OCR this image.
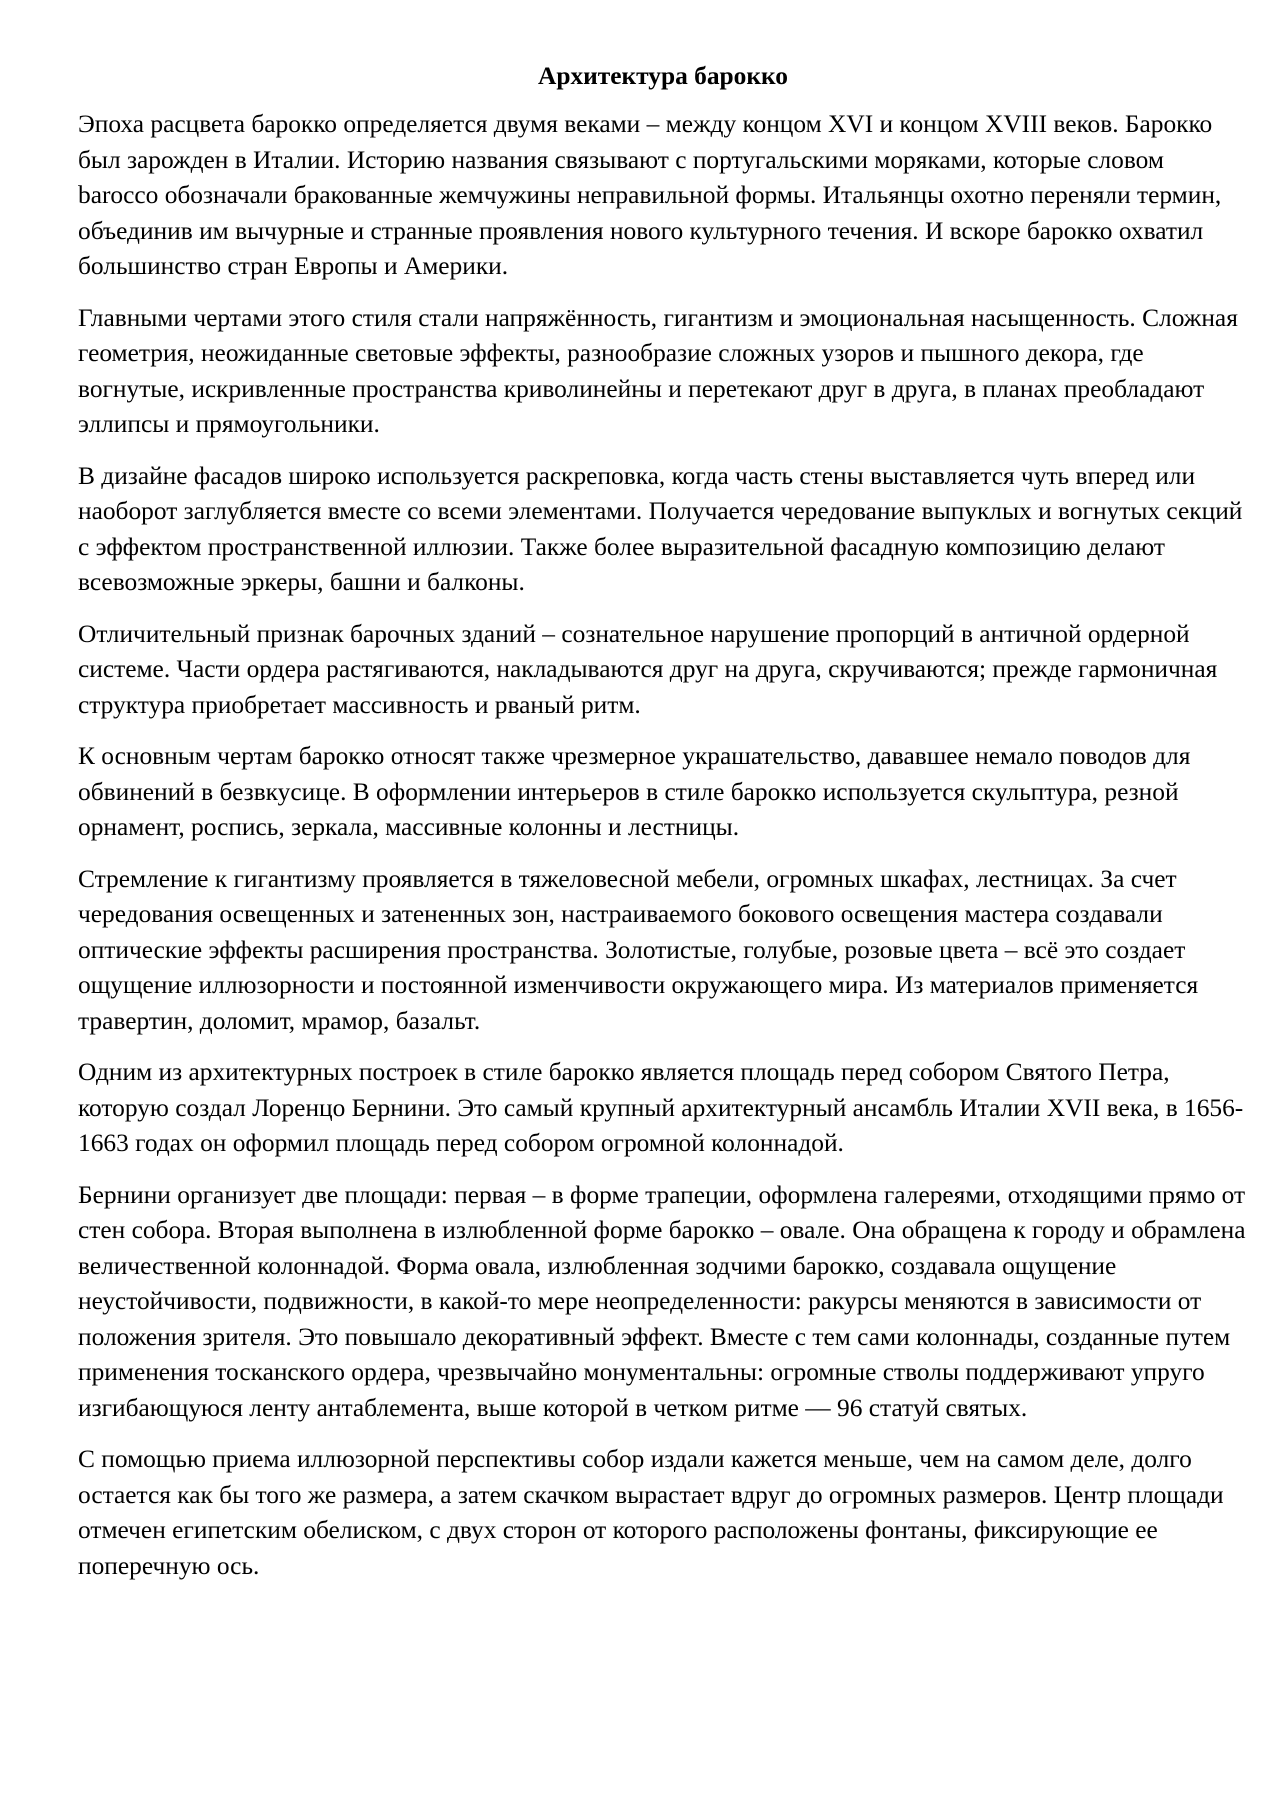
Архитектура барокко

Эпоха расцвета барокко определяется двумя веками – между концом XVI и концом XVIII веков. Барокко был зарожден в Италии. Историю названия связывают с португальскими моряками, которые словом barocco обозначали бракованные жемчужины неправильной формы. Итальянцы охотно переняли термин, объединив им вычурные и странные проявления нового культурного течения. И вскоре барокко охватил большинство стран Европы и Америки.

Главными чертами этого стиля стали напряжённость, гигантизм и эмоциональная насыщенность. Сложная геометрия, неожиданные световые эффекты, разнообразие сложных узоров и пышного декора, где вогнутые, искривленные пространства криволинейны и перетекают друг в друга, в планах преобладают эллипсы и прямоугольники.

В дизайне фасадов широко используется раскреповка, когда часть стены выставляется чуть вперед или наоборот заглубляется вместе со всеми элементами. Получается чередование выпуклых и вогнутых секций с эффектом пространственной иллюзии. Также более выразительной фасадную композицию делают всевозможные эркеры, башни и балконы.

Отличительный признак барочных зданий – сознательное нарушение пропорций в античной ордерной системе. Части ордера растягиваются, накладываются друг на друга, скручиваются; прежде гармоничная структура приобретает массивность и рваный ритм.

К основным чертам барокко относят также чрезмерное украшательство, дававшее немало поводов для обвинений в безвкусице. В оформлении интерьеров в стиле барокко используется скульптура, резной орнамент, роспись, зеркала, массивные колонны и лестницы.

Стремление к гигантизму проявляется в тяжеловесной мебели, огромных шкафах, лестницах. За счет чередования освещенных и затененных зон, настраиваемого бокового освещения мастера создавали оптические эффекты расширения пространства. Золотистые, голубые, розовые цвета – всё это создает ощущение иллюзорности и постоянной изменчивости окружающего мира. Из материалов применяется травертин, доломит, мрамор, базальт.

Одним из архитектурных построек в стиле барокко является площадь перед собором Святого Петра, которую создал Лоренцо Бернини. Это самый крупный архитектурный ансамбль Италии XVII века, в 1656-1663 годах он оформил площадь перед собором огромной колоннадой.

Бернини организует две площади: первая – в форме трапеции, оформлена галереями, отходящими прямо от стен собора. Вторая выполнена в излюбленной форме барокко – овале. Она обращена к городу и обрамлена величественной колоннадой. Форма овала, излюбленная зодчими барокко, создавала ощущение неустойчивости, подвижности, в какой-то мере неопределенности: ракурсы меняются в зависимости от положения зрителя. Это повышало декоративный эффект. Вместе с тем сами колоннады, созданные путем применения тосканского ордера, чрезвычайно монументальны: огромные стволы поддерживают упруго изгибающуюся ленту антаблемента, выше которой в четком ритме — 96 статуй святых.

С помощью приема иллюзорной перспективы собор издали кажется меньше, чем на самом деле, долго остается как бы того же размера, а затем скачком вырастает вдруг до огромных размеров. Центр площади отмечен египетским обелиском, с двух сторон от которого расположены фонтаны, фиксирующие ее поперечную ось.
